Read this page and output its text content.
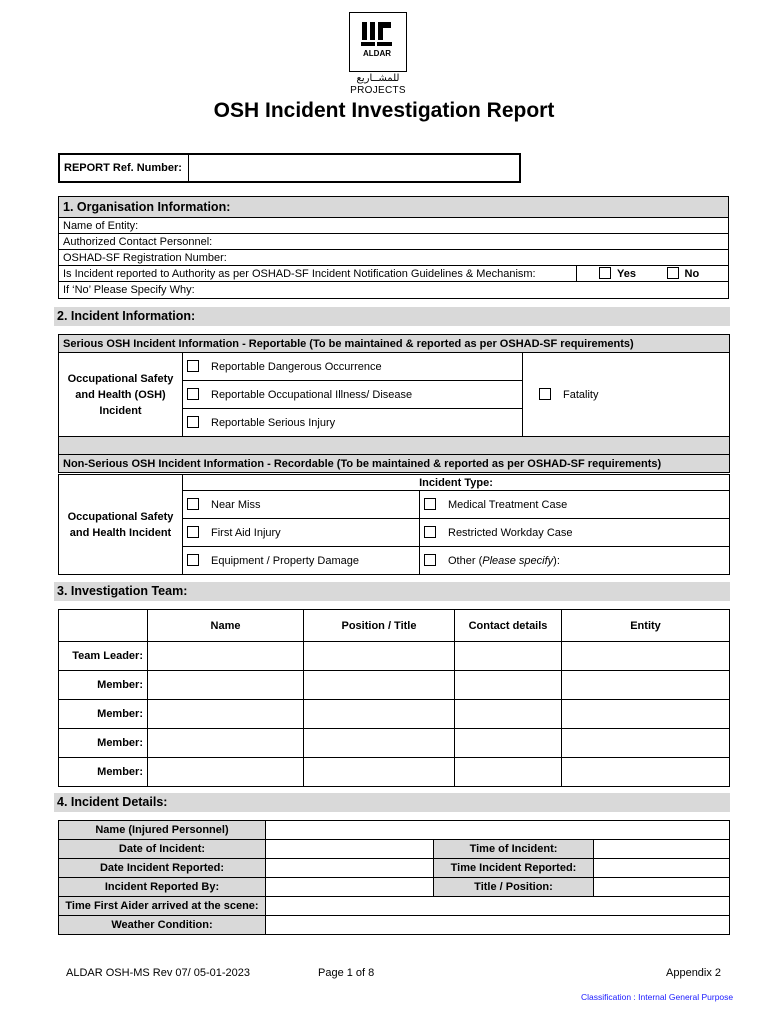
ALDAR
للمشــاريع
PROJECTS
OSH Incident Investigation Report
REPORT Ref. Number:	
1. Organisation Information:
Name of Entity:
Authorized Contact Personnel:
OSHAD-SF Registration Number:
Is Incident reported to Authority as per OSHAD-SF Incident Notification Guidelines & Mechanism:	Yes	No
If ‘No’ Please Specify Why:
2. Incident Information:
Serious OSH Incident Information - Reportable (To be maintained & reported as per OSHAD-SF requirements)
Occupational Safety and Health (OSH) Incident	Reportable Dangerous Occurrence	Fatality
Reportable Occupational Illness/ Disease
Reportable Serious Injury

Non-Serious OSH Incident Information - Recordable (To be maintained & reported as per OSHAD-SF requirements)
Occupational Safety and Health Incident	Incident Type:	
	Near Miss	Medical Treatment Case
	First Aid Injury	Restricted Workday Case
	Equipment / Property Damage	Other (Please specify):
3. Investigation Team:
	Name	Position / Title	Contact details	Entity
Team Leader:				
Member:				
Member:				
Member:				
Member:				
4. Incident Details:
Name (Injured Personnel)			
Date of Incident:		Time of Incident:	
Date Incident Reported:		Time Incident Reported:	
Incident Reported By:		Title / Position:	
Time First Aider arrived at the scene:			
Weather Condition:			
ALDAR OSH-MS Rev 07/ 05-01-2023	Page 1 of 8	Appendix 2
Classification : Internal General Purpose
